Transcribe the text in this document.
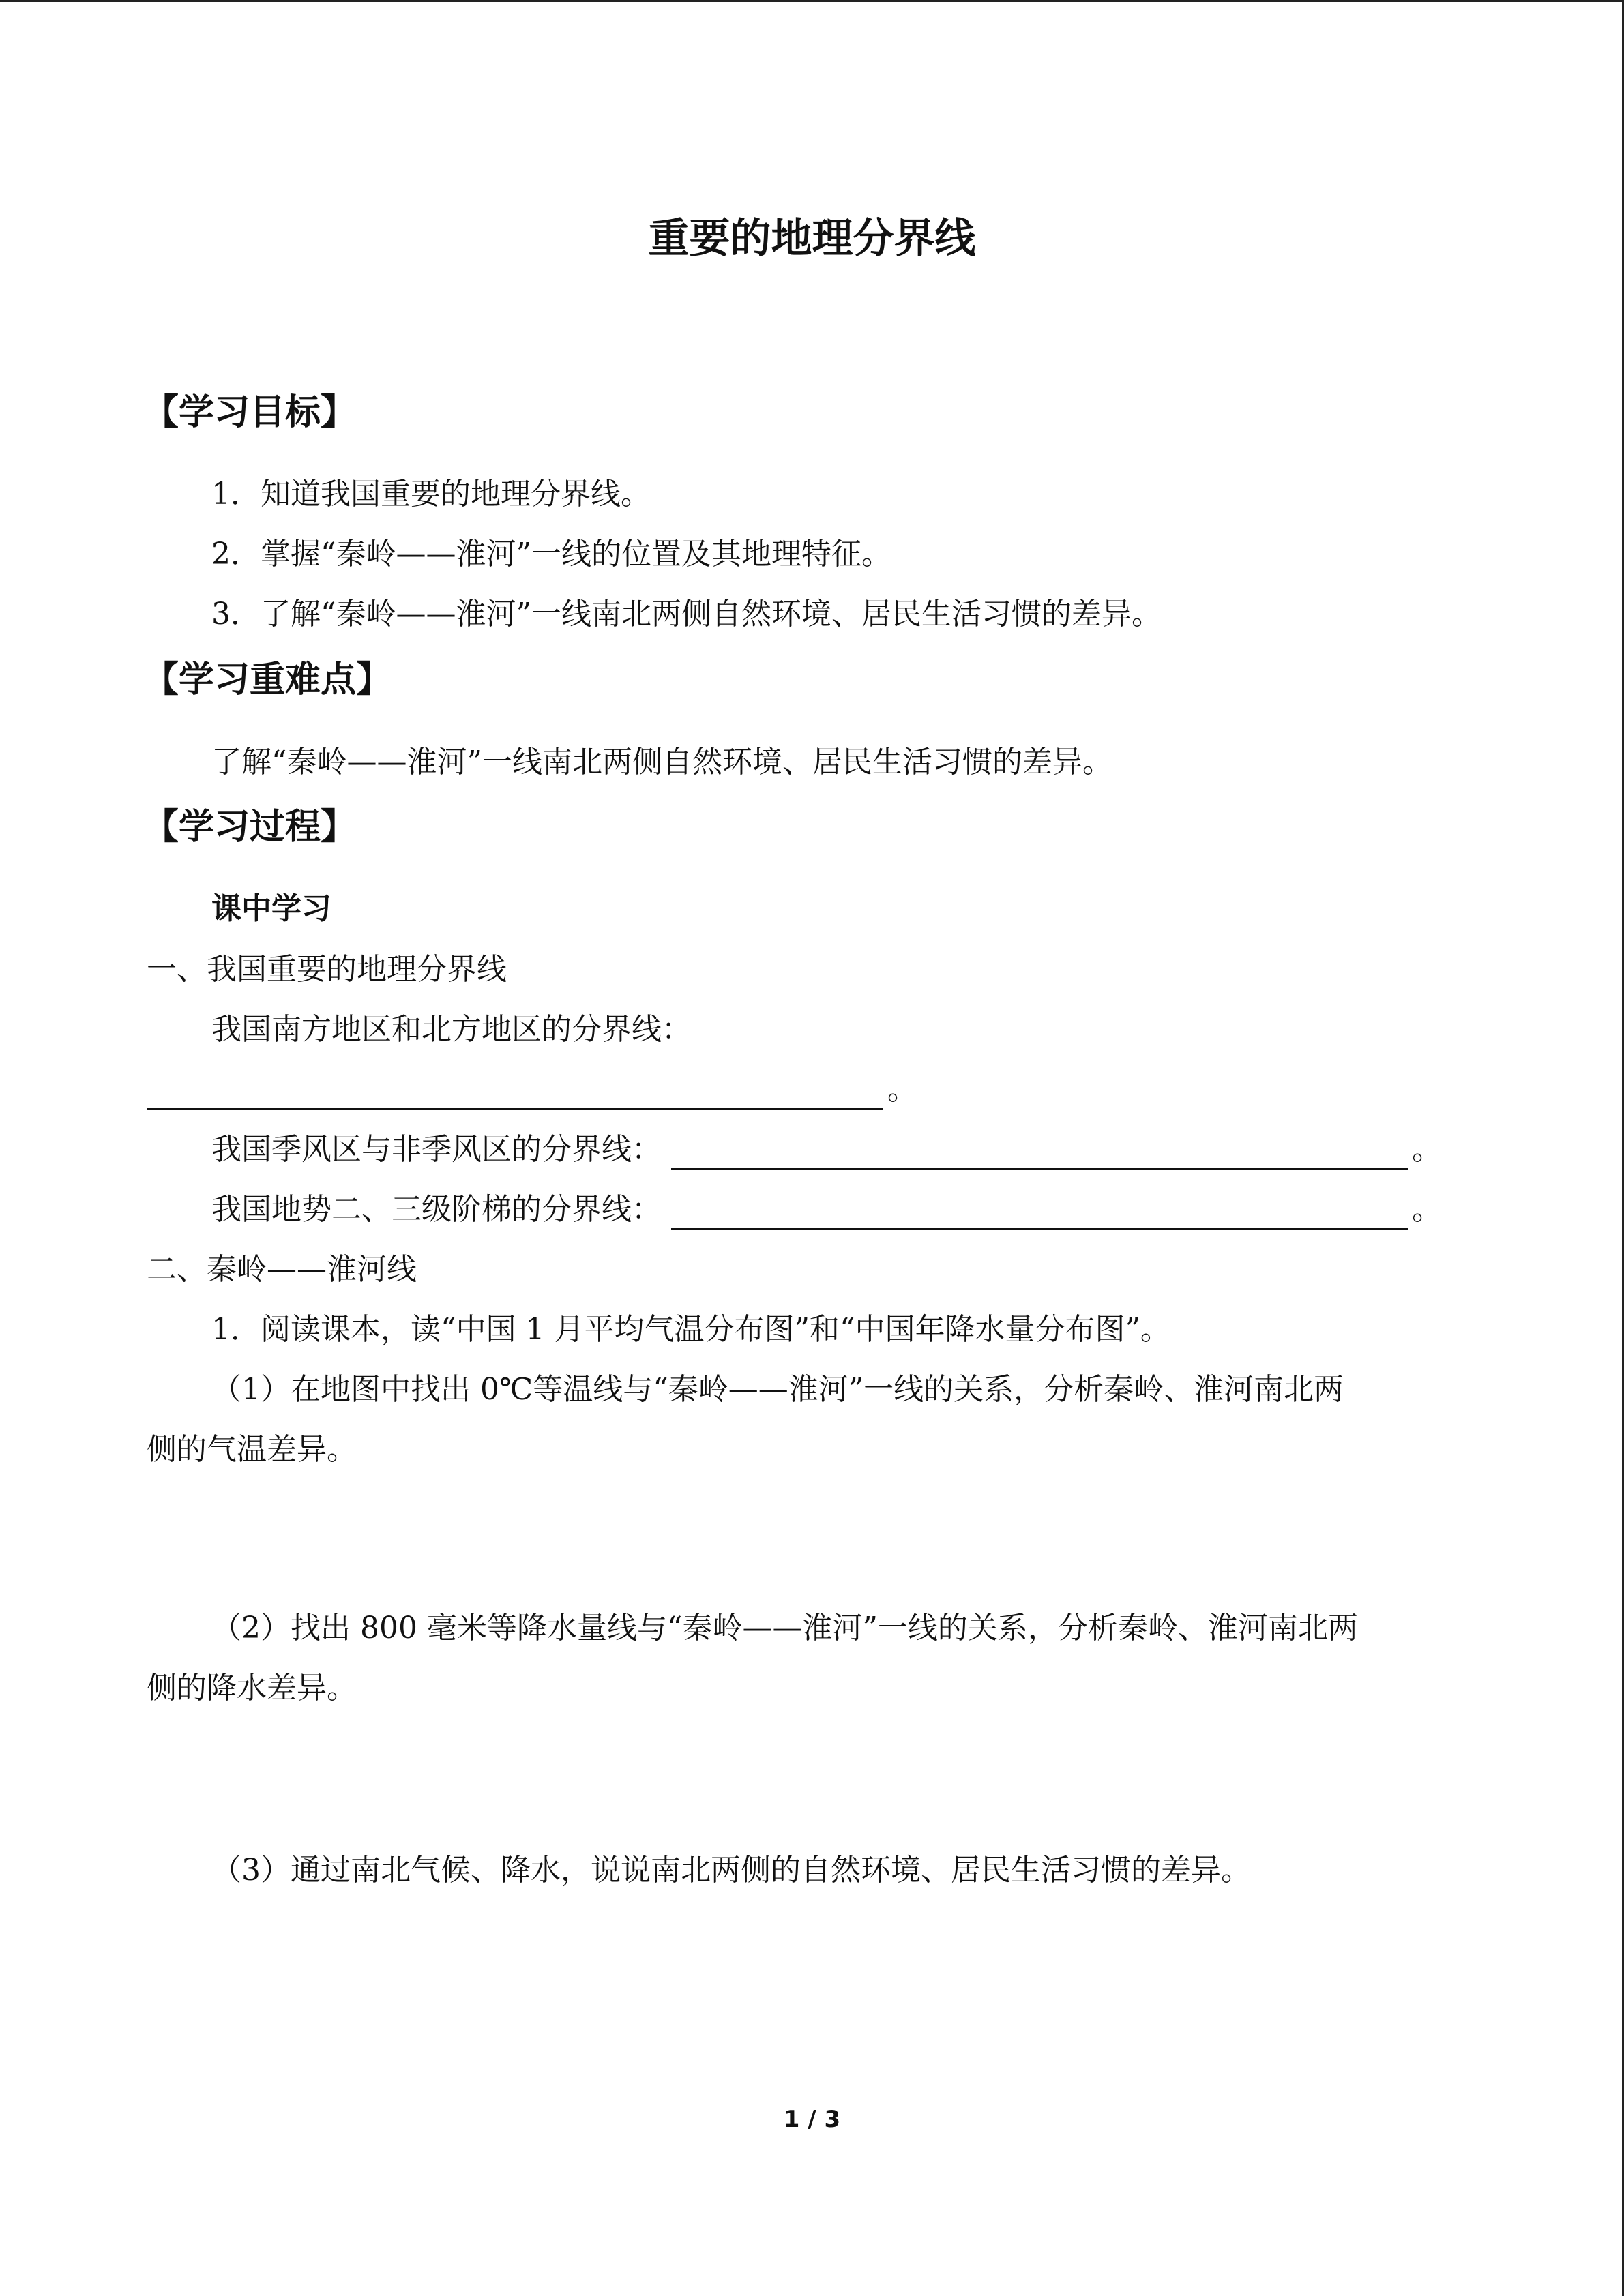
重要的地理分界线
【学习目标】
1．知道我国重要的地理分界线。
2．掌握“秦岭——淮河”一线的位置及其地理特征。
3．了解“秦岭——淮河”一线南北两侧自然环境、居民生活习惯的差异。
【学习重难点】
了解“秦岭——淮河”一线南北两侧自然环境、居民生活习惯的差异。
【学习过程】
课中学习
一、我国重要的地理分界线
我国南方地区和北方地区的分界线：
。
我国季风区与非季风区的分界线：	。
我国地势二、三级阶梯的分界线：	。
二、秦岭——淮河线
1．阅读课本，读“中国 1 月平均气温分布图”和“中国年降水量分布图”。
（1）在地图中找出 0℃等温线与“秦岭——淮河”一线的关系，分析秦岭、淮河南北两
侧的气温差异。
（2）找出 800 毫米等降水量线与“秦岭——淮河”一线的关系，分析秦岭、淮河南北两
侧的降水差异。
（3）通过南北气候、降水，说说南北两侧的自然环境、居民生活习惯的差异。
1 / 3
